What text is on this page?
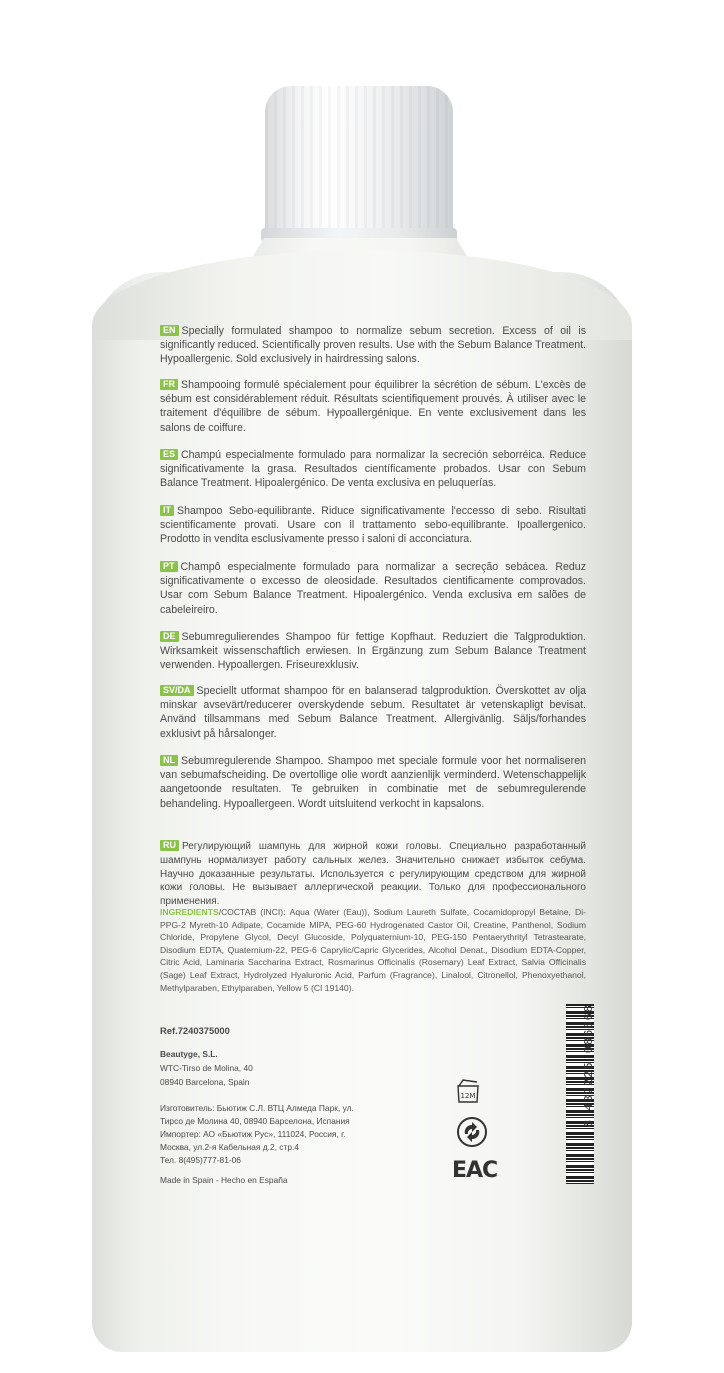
EN Specially formulated shampoo to normalize sebum secretion. Excess of oil is significantly reduced. Scientifically proven results. Use with the Sebum Balance Treatment. Hypoallergenic. Sold exclusively in hairdressing salons.
FR Shampooing formulé spécialement pour équilibrer la sécrétion de sébum. L'excès de sébum est considérablement réduit. Résultats scientifiquement prouvés. À utiliser avec le traitement d'équilibre de sébum. Hypoallergénique. En vente exclusivement dans les salons de coiffure.
ES Champú especialmente formulado para normalizar la secreción seborréica. Reduce significativamente la grasa. Resultados científicamente probados. Usar con Sebum Balance Treatment. Hipoalergénico. De venta exclusiva en peluquerías.
IT Shampoo Sebo-equilibrante. Riduce significativamente l'eccesso di sebo. Risultati scientificamente provati. Usare con il trattamento sebo-equilibrante. Ipoallergenico. Prodotto in vendita esclusivamente presso i saloni di acconciatura.
PT Champô especialmente formulado para normalizar a secreção sebácea. Reduz significativamente o excesso de oleosidade. Resultados cientificamente comprovados. Usar com Sebum Balance Treatment. Hipoalergénico. Venda exclusiva em salões de cabeleireiro.
DE Sebumregulierendes Shampoo für fettige Kopfhaut. Reduziert die Talgproduktion. Wirksamkeit wissenschaftlich erwiesen. In Ergänzung zum Sebum Balance Treatment verwenden. Hypoallergen. Friseurexklusiv.
SV/DA Speciellt utformat shampoo för en balanserad talgproduktion. Överskottet av olja minskar avsevärt/reducerer overskydende sebum. Resultatet är vetenskapligt bevisat. Använd tillsammans med Sebum Balance Treatment. Allergivänlig. Säljs/forhandes exklusivt på hårsalonger.
NL Sebumregulerende Shampoo. Shampoo met speciale formule voor het normaliseren van sebumafscheiding. De overtollige olie wordt aanzienlijk verminderd. Wetenschappelijk aangetoonde resultaten. Te gebruiken in combinatie met de sebumregulerende behandeling. Hypoallergeen. Wordt uitsluitend verkocht in kapsalons.
RU Регулирующий шампунь для жирной кожи головы. Специально разработанный шампунь нормализует работу сальных желез. Значительно снижает избыток себума. Научно доказанные результаты. Используется с регулирующим средством для жирной кожи головы. Не вызывает аллергической реакции. Только для профессионального применения.
INGREDIENTS/СОСТАВ (INCI): Aqua (Water (Eau)), Sodium Laureth Sulfate, Cocamidopropyl Betaine, Di-PPG-2 Myreth-10 Adipate, Cocamide MIPA, PEG-60 Hydrogenated Castor Oil, Creatine, Panthenol, Sodium Chloride, Propylene Glycol, Decyl Glucoside, Polyquaternium-10, PEG-150 Pentaerythrityl Tetrastearate, Disodium EDTA, Quaternium-22, PEG-6 Caprylic/Capric Glycerides, Alcohol Denat., Disodium EDTA-Copper, Citric Acid, Laminaria Saccharina Extract, Rosmarinus Officinalis (Rosemary) Leaf Extract, Salvia Officinalis (Sage) Leaf Extract, Hydrolyzed Hyaluronic Acid, Parfum (Fragrance), Linalool, Citronellol, Phenoxyethanol, Methylparaben, Ethylparaben, Yellow 5 (CI 19140).
Ref.7240375000
Beautyge, S.L.
WTC-Tirso de Molina, 40
08940 Barcelona, Spain
Изготовитель: Бьютиж С.Л. ВТЦ Алмеда Парк, ул.
Тирсо де Молина 40, 08940 Барселона, Испания
Импортер: АО «Бьютиж Рус», 111024, Россия, г.
Москва, ул.2-я Кабельная д.2, стр.4
Тел. 8(495)777-81-06
Made in Spain - Hecho en España
12M
EAC
8 432225 086668
